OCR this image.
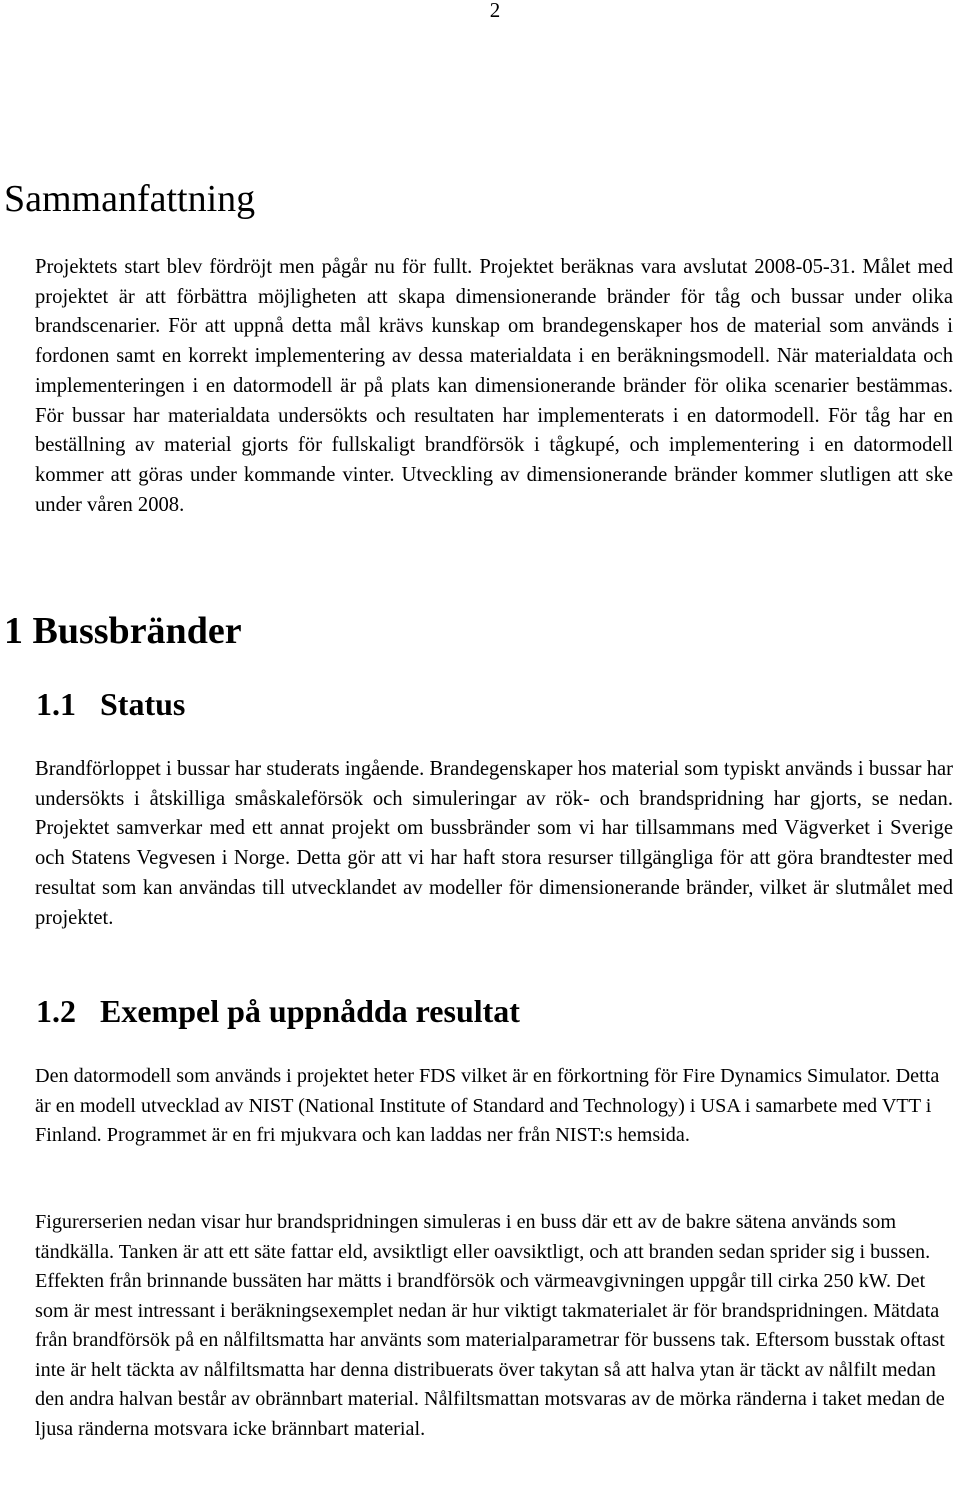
2
Sammanfattning

Projektets start blev fördröjt men pågår nu för fullt. Projektet beräknas vara avslutat 2008-05-31. Målet med projektet är att förbättra möjligheten att skapa dimensionerande bränder för tåg och bussar under olika brandscenarier. För att uppnå detta mål krävs kunskap om brandegenskaper hos de material som används i fordonen samt en korrekt implementering av dessa materialdata i en beräkningsmodell. När materialdata och implementeringen i en datormodell är på plats kan dimensionerande bränder för olika scenarier bestämmas. För bussar har materialdata undersökts och resultaten har implementerats i en datormodell. För tåg har en beställning av material gjorts för fullskaligt brandförsök i tågkupé, och implementering i en datormodell kommer att göras under kommande vinter. Utveckling av dimensionerande bränder kommer slutligen att ske under våren 2008.

1 Bussbränder
1.1 Status

Brandförloppet i bussar har studerats ingående. Brandegenskaper hos material som typiskt används i bussar har undersökts i åtskilliga småskaleförsök och simuleringar av rök- och brandspridning har gjorts, se nedan. Projektet samverkar med ett annat projekt om bussbränder som vi har tillsammans med Vägverket i Sverige och Statens Vegvesen i Norge. Detta gör att vi har haft stora resurser tillgängliga för att göra brandtester med resultat som kan användas till utvecklandet av modeller för dimensionerande bränder, vilket är slutmålet med projektet.

1.2 Exempel på uppnådda resultat

Den datormodell som används i projektet heter FDS vilket är en förkortning för Fire Dynamics Simulator. Detta är en modell utvecklad av NIST (National Institute of Standard and Technology) i USA i samarbete med VTT i Finland. Programmet är en fri mjukvara och kan laddas ner från NIST:s hemsida.

Figurerserien nedan visar hur brandspridningen simuleras i en buss där ett av de bakre sätena används som tändkälla. Tanken är att ett säte fattar eld, avsiktligt eller oavsiktligt, och att branden sedan sprider sig i bussen. Effekten från brinnande bussäten har mätts i brandförsök och värmeavgivningen uppgår till cirka 250 kW. Det som är mest intressant i beräkningsexemplet nedan är hur viktigt takmaterialet är för brandspridningen. Mätdata från brandförsök på en nålfiltsmatta har använts som materialparametrar för bussens tak. Eftersom busstak oftast inte är helt täckta av nålfiltsmatta har denna distribuerats över takytan så att halva ytan är täckt av nålfilt medan den andra halvan består av obrännbart material. Nålfiltsmattan motsvaras av de mörka ränderna i taket medan de ljusa ränderna motsvara icke brännbart material.
